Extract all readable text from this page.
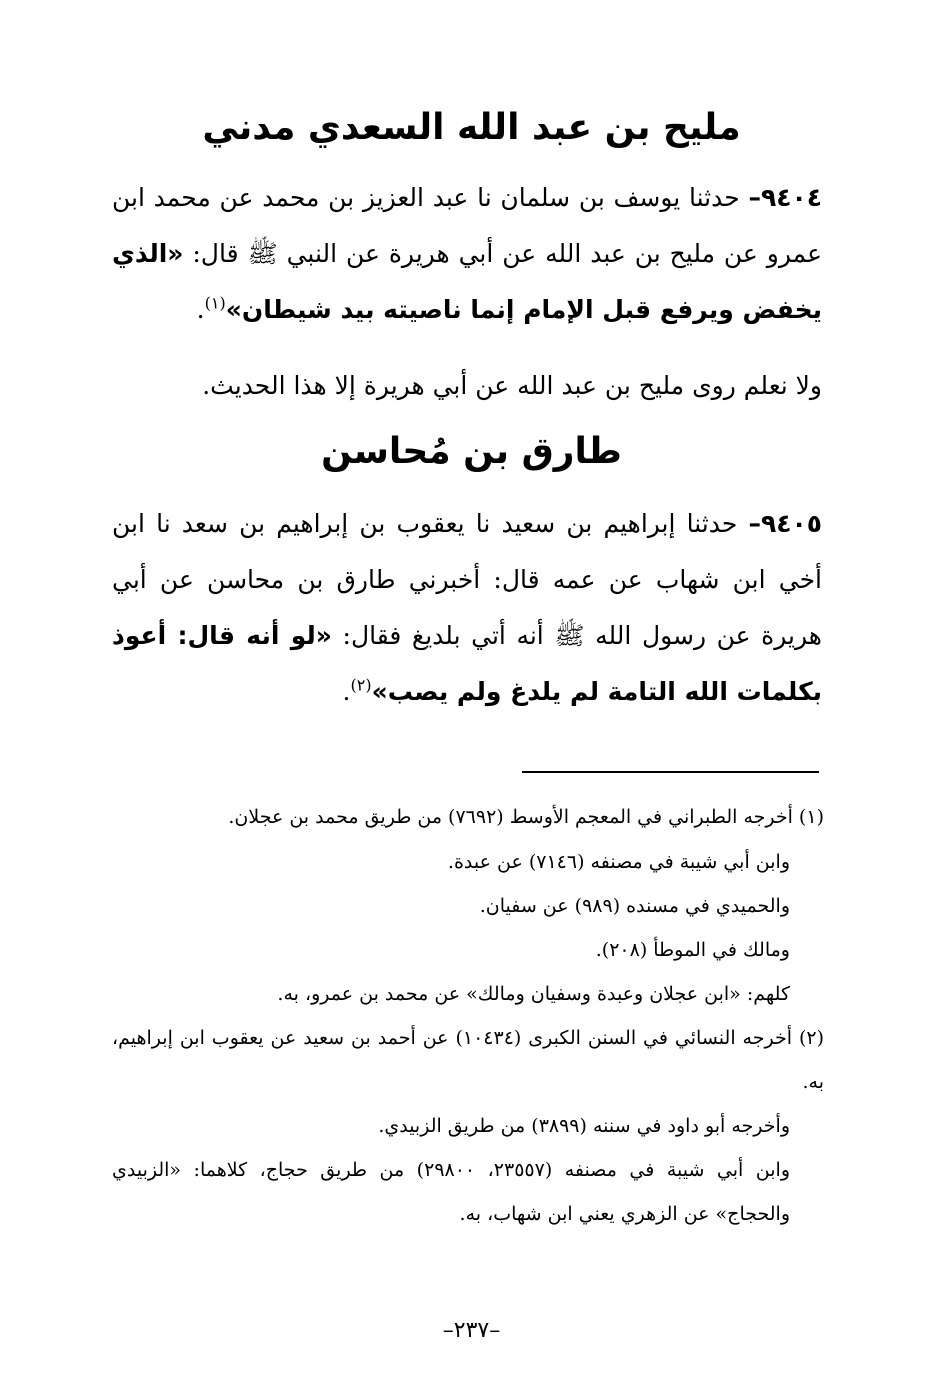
مليح بن عبد الله السعدي مدني

٩٤٠٤– حدثنا يوسف بن سلمان نا عبد العزيز بن محمد عن محمد ابن عمرو عن مليح بن عبد الله عن أبي هريرة عن النبي ﷺ قال: «الذي يخفض ويرفع قبل الإمام إنما ناصيته بيد شيطان»$^{(١)}$.

ولا نعلم روى مليح بن عبد الله عن أبي هريرة إلا هذا الحديث.
طارق بن مُحاسن

٩٤٠٥– حدثنا إبراهيم بن سعيد نا يعقوب بن إبراهيم بن سعد نا ابن أخي ابن شهاب عن عمه قال: أخبرني طارق بن محاسن عن أبي هريرة عن رسول الله ﷺ أنه أتي بلديغ فقال: «لو أنه قال: أعوذ بكلمات الله التامة لم يلدغ ولم يصب»$^{(٢)}$.

(١) أخرجه الطبراني في المعجم الأوسط (٧٦٩٢) من طريق محمد بن عجلان.
وابن أبي شيبة في مصنفه (٧١٤٦) عن عبدة.
والحميدي في مسنده (٩٨٩) عن سفيان.
ومالك في الموطأ (٢٠٨).
كلهم: «ابن عجلان وعبدة وسفيان ومالك» عن محمد بن عمرو، به.
(٢) أخرجه النسائي في السنن الكبرى (١٠٤٣٤) عن أحمد بن سعيد عن يعقوب ابن إبراهيم، به.
وأخرجه أبو داود في سننه (٣٨٩٩) من طريق الزبيدي.
وابن أبي شيبة في مصنفه (٢٣٥٥٧، ٢٩٨٠٠) من طريق حجاج، كلاهما: «الزبيدي والحجاج» عن الزهري يعني ابن شهاب، به.
–٢٣٧–
